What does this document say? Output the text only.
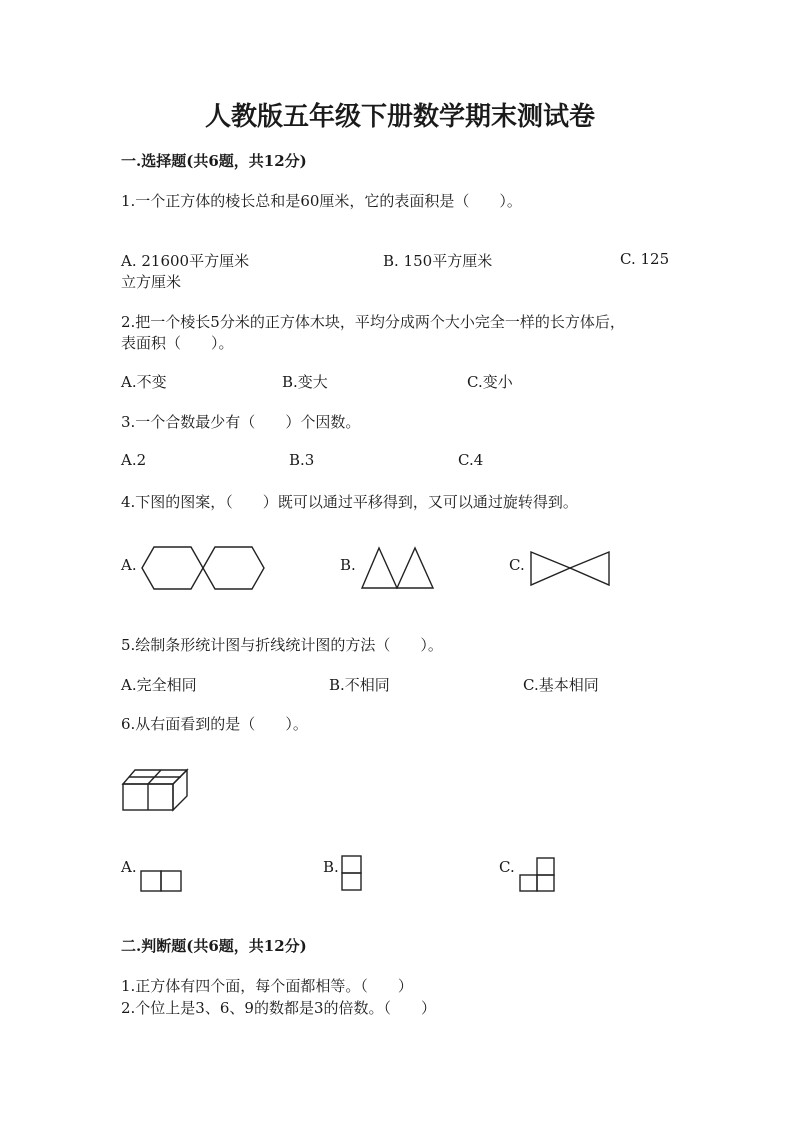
人教版五年级下册数学期末测试卷
一.选择题(共6题，共12分)
1.一个正方体的棱长总和是60厘米，它的表面积是（　　）。
A. 21600平方厘米	B. 150平方厘米	C. 125
立方厘米
2.把一个棱长5分米的正方体木块，平均分成两个大小完全一样的长方体后，
表面积（　　）。
A.不变	B.变大	C.变小
3.一个合数最少有（　　）个因数。
A.2	B.3	C.4
4.下图的图案，（　　）既可以通过平移得到，又可以通过旋转得到。
A.	B.	C.
5.绘制条形统计图与折线统计图的方法（　　）。
A.完全相同	B.不相同	C.基本相同
6.从右面看到的是（　　）。
A.	B.	C.
二.判断题(共6题，共12分)
1.正方体有四个面，每个面都相等。（　　）
2.个位上是3、6、9的数都是3的倍数。（　　）
